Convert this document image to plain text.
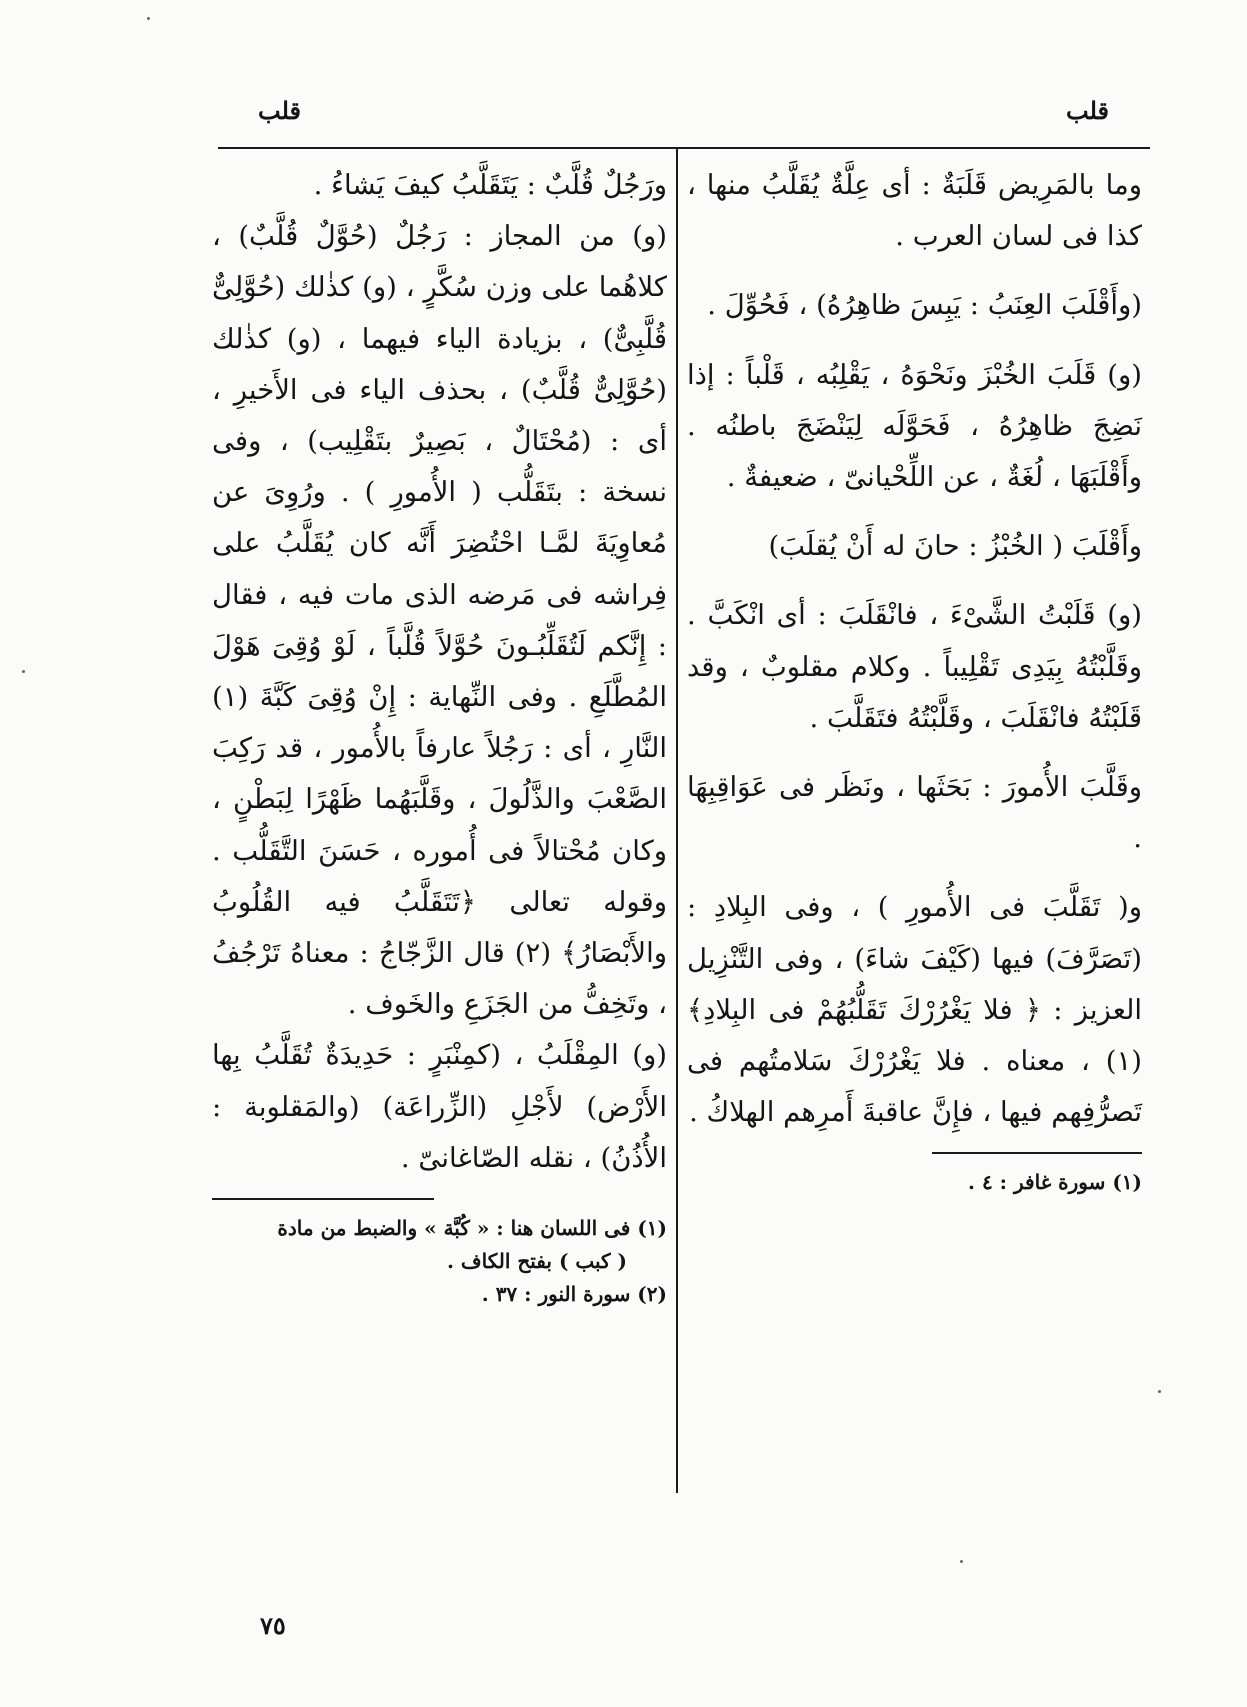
قلب
قلب

وما بالمَرِيض قَلَبَةٌ : أى عِلَّةٌ يُقَلَّبُ منها ، كذا فى لسان العرب .

(وأَقْلَبَ العِنَبُ : يَبِسَ ظاهِرُهُ) ، فَحُوِّلَ .

(و) قَلَبَ الخُبْزَ ونَحْوَهُ ، يَقْلِبُه ، قَلْباً : إذا نَضِجَ ظاهِرُهُ ، فَحَوَّلَه لِيَنْضَجَ باطنُه . وأَقْلَبَهَا ، لُغَةٌ ، عن اللِّحْيانىّ ، ضعيفةٌ .

وأَقْلَبَ ( الخُبْزُ : حانَ له أَنْ يُقلَبَ)

(و) قَلَبْتُ الشَّىْءَ ، فانْقَلَبَ : أى انْكَبَّ . وقَلَّبْتُهُ بِيَدِى تَقْلِيباً . وكلام مقلوبٌ ، وقد قَلَبْتُهُ فانْقَلَبَ ، وقَلَّبْتُهُ فتَقَلَّبَ .

وقَلَّبَ الأُمورَ : بَحَثَها ، ونَظَر فى عَوَاقِبِهَا .

و( تَقَلَّبَ فى الأُمورِ ) ، وفى البِلادِ : (تَصَرَّفَ) فيها (كَيْفَ شاءَ) ، وفى التَّنْزِيل العزيز : ﴿ فلا يَغْرُرْكَ تَقَلُّبُهُمْ فى البِلادِ﴾ (١) ، معناه . فلا يَغْرُرْكَ سَلامتُهم فى تَصرُّفِهم فيها ، فإِنَّ عاقبةَ أَمرِهم الهلاكُ .

(١) سورة غافر : ٤ .

ورَجُلٌ قُلَّبٌ : يَتَقَلَّبُ كيفَ يَشاءُ .

(و) من المجاز : رَجُلٌ (حُوَّلٌ قُلَّبٌ) ، كلاهُما على وزن سُكَّرٍ ، (و) كذٰلك (حُوَّلِىٌّ قُلَّبِىٌّ) ، بزيادة الياء فيهما ، (و) كذٰلك (حُوَّلِىٌّ قُلَّبٌ) ، بحذف الياء فى الأَخيرِ ، أى : (مُحْتَالٌ ، بَصِيرٌ بتَقْلِيب) ، وفى نسخة : بتَقَلُّب ( الأُمورِ ) . ورُوِىَ عن مُعاوِيَةَ لمَّـا احْتُضِرَ أَنَّه كان يُقَلَّبُ على فِراشه فى مَرضه الذى مات فيه ، فقال : إِنَّكم لَتُقَلِّبُـونَ حُوَّلاً قُلَّباً ، لَوْ وُقِىَ هَوْلَ المُطَّلَعِ . وفى النِّهاية : إِنْ وُقِىَ كَبَّةَ (١) النَّارِ ، أى : رَجُلاً عارفاً بالأُمور ، قد رَكِبَ الصَّعْبَ والذَّلُولَ ، وقَلَّبَهُما ظَهْرًا لِبَطْنٍ ، وكان مُحْتالاً فى أُموره ، حَسَنَ التَّقَلُّب . وقوله تعالى ﴿تَتَقَلَّبُ فيه القُلُوبُ والأَبْصَارُ﴾ (٢) قال الزَّجّاجُ : معناهُ تَرْجُفُ ، وتَخِفُّ من الجَزَعِ والخَوف .

(و) المِقْلَبُ ، (كمِنْبَرٍ : حَدِيدَةٌ تُقَلَّبُ بِها الأَرْض) لأَجْلِ (الزِّراعَة) (والمَقلوبة : الأُذُنُ) ، نقله الصّاغانىّ .

(١) فى اللسان هنا : « كُبَّة » والضبط من مادة

( كبب ) بفتح الكاف .

(٢) سورة النور : ٣٧ .

٧٥
